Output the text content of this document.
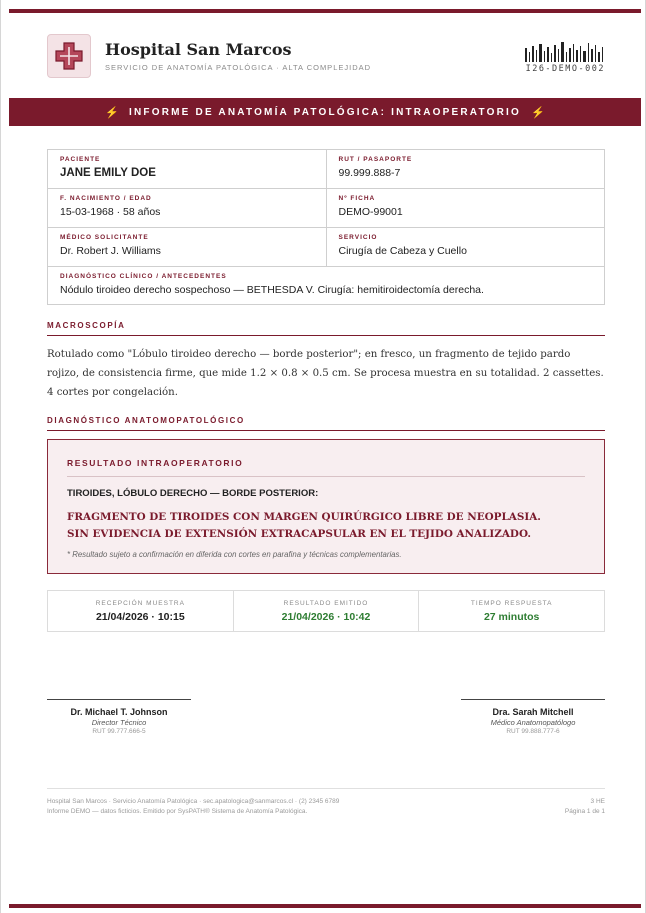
Hospital San Marcos
SERVICIO DE ANATOMÍA PATOLÓGICA · ALTA COMPLEJIDAD	I26-DEMO-002
⚡ INFORME DE ANATOMÍA PATOLÓGICA: INTRAOPERATORIO ⚡
PACIENTE
JANE EMILY DOE
RUT / PASAPORTE
99.999.888-7
F. NACIMIENTO / EDAD
15-03-1968 · 58 años
Nº FICHA
DEMO-99001
MÉDICO SOLICITANTE
Dr. Robert J. Williams
SERVICIO
Cirugía de Cabeza y Cuello
DIAGNÓSTICO CLÍNICO / ANTECEDENTES
Nódulo tiroideo derecho sospechoso — BETHESDA V. Cirugía: hemitiroidectomía derecha.
MACROSCOPÍA
Rotulado como "Lóbulo tiroideo derecho — borde posterior"; en fresco, un fragmento de tejido pardo rojizo, de consistencia firme, que mide 1.2 × 0.8 × 0.5 cm. Se procesa muestra en su totalidad. 2 cassettes. 4 cortes por congelación.
DIAGNÓSTICO ANATOMOPATOLÓGICO
RESULTADO INTRAOPERATORIO
TIROIDES, LÓBULO DERECHO — BORDE POSTERIOR:
FRAGMENTO DE TIROIDES CON MARGEN QUIRÚRGICO LIBRE DE NEOPLASIA.
SIN EVIDENCIA DE EXTENSIÓN EXTRACAPSULAR EN EL TEJIDO ANALIZADO.
* Resultado sujeto a confirmación en diferida con cortes en parafina y técnicas complementarias.
RECEPCIÓN MUESTRA
21/04/2026 · 10:15
RESULTADO EMITIDO
21/04/2026 · 10:42
TIEMPO RESPUESTA
27 minutos
Dr. Michael T. Johnson
Director Técnico
RUT 99.777.666-5
Dra. Sarah Mitchell
Médico Anatomopatólogo
RUT 99.888.777-6
Hospital San Marcos · Servicio Anatomía Patológica · sec.apatologica@sanmarcos.cl · (2) 2345 6789
Informe DEMO — datos ficticios. Emitido por SysPATH® Sistema de Anatomía Patológica.
3 HE
Página 1 de 1
